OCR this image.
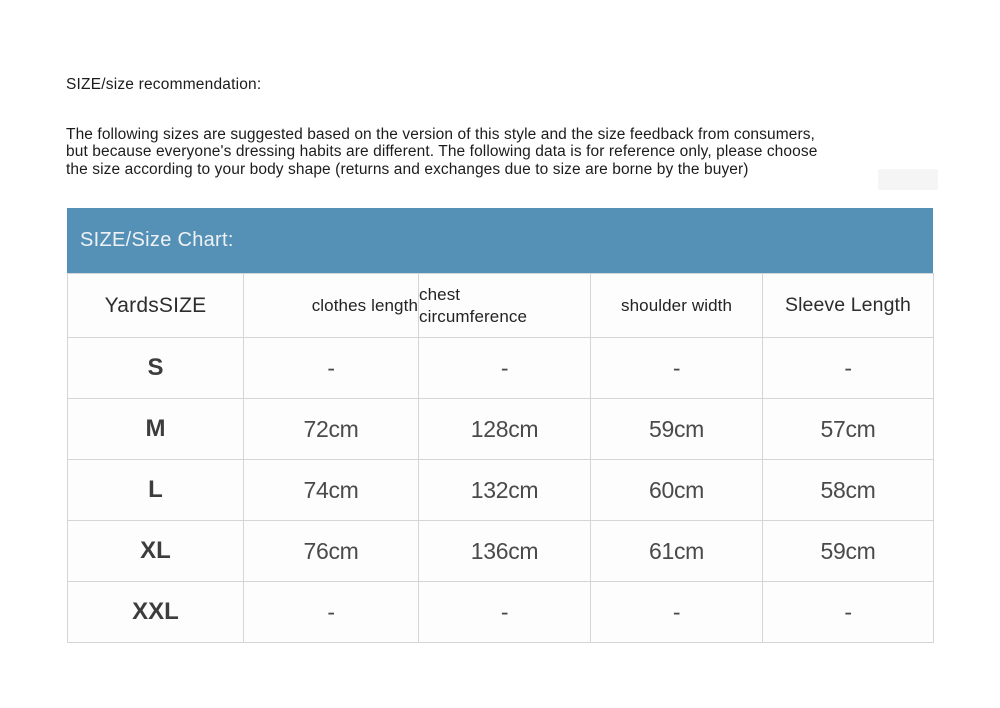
SIZE/size recommendation:

The following sizes are suggested based on the version of this style and the size feedback from consumers,
but because everyone's dressing habits are different. The following data is for reference only, please choose
the size according to your body shape (returns and exchanges due to size are borne by the buyer)

SIZE/Size Chart:
YardsSIZE	clothes length	chest circumference	shoulder width	Sleeve Length
S	-	-	-	-
M	72cm	128cm	59cm	57cm
L	74cm	132cm	60cm	58cm
XL	76cm	136cm	61cm	59cm
XXL	-	-	-	-
